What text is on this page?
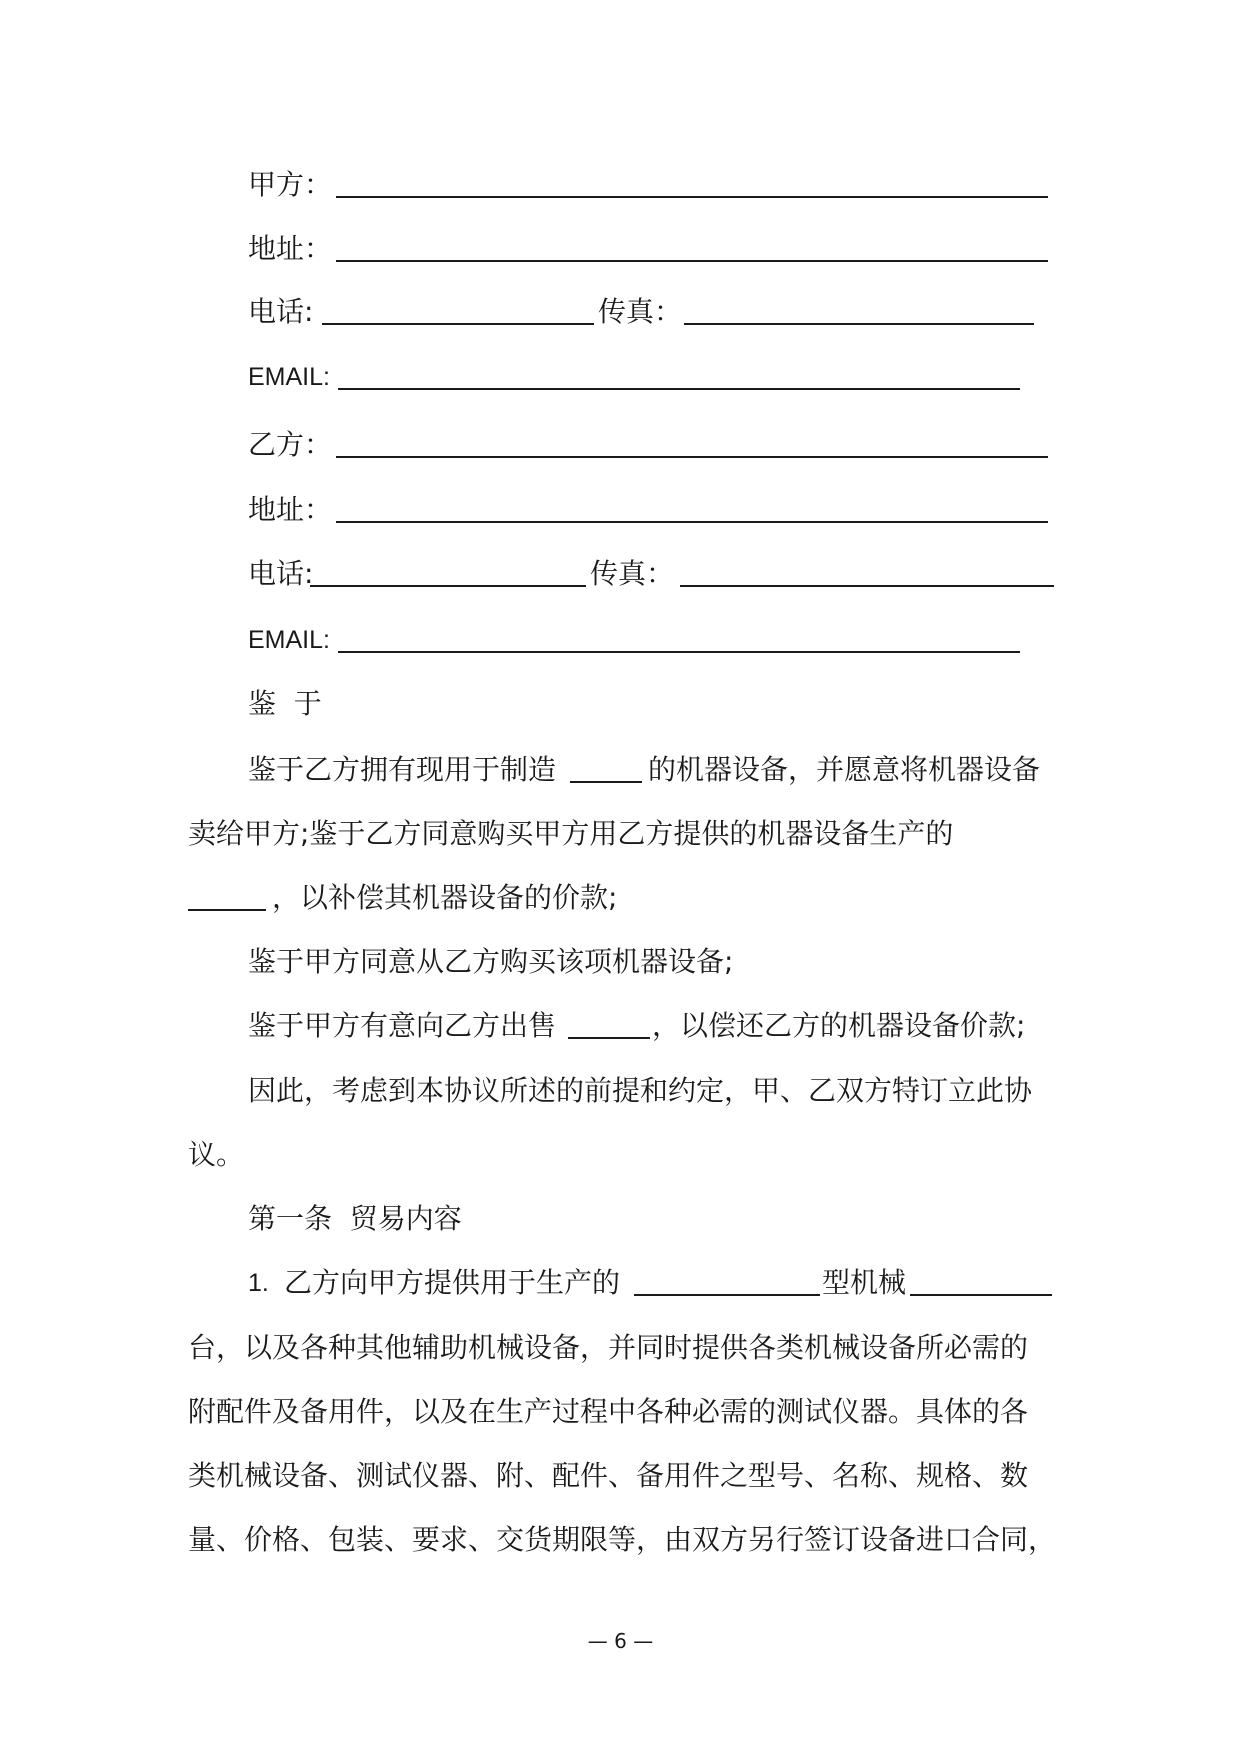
甲方：
地址：
电话:	传真：
EMAIL:
乙方：
地址：
电话:	传真：
EMAIL:
鉴  于
鉴于乙方拥有现用于制造	的机器设备，并愿意将机器设备
卖给甲方;鉴于乙方同意购买甲方用乙方提供的机器设备生产的
，以补偿其机器设备的价款;
鉴于甲方同意从乙方购买该项机器设备;
鉴于甲方有意向乙方出售	，以偿还乙方的机器设备价款;
因此，考虑到本协议所述的前提和约定，甲、乙双方特订立此协
议。
第一条  贸易内容
1. 乙方向甲方提供用于生产的	型机械
台，以及各种其他辅助机械设备，并同时提供各类机械设备所必需的
附配件及备用件，以及在生产过程中各种必需的测试仪器。具体的各
类机械设备、测试仪器、附、配件、备用件之型号、名称、规格、数
量、价格、包装、要求、交货期限等，由双方另行签订设备进口合同，
— 6 —
